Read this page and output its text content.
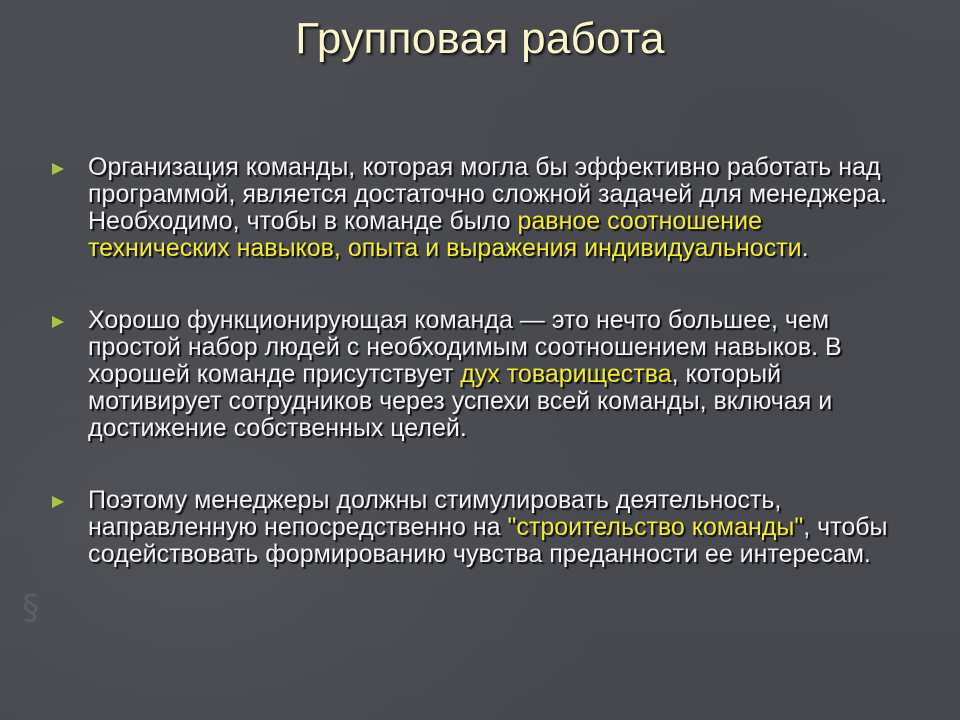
§
Групповая работа
Организация команды, которая могла бы эффективно работать над программой, является достаточно сложной задачей для менеджера. Необходимо, чтобы в команде было равное соотношение технических навыков, опыта и выражения индивидуальности.
Хорошо функционирующая команда — это нечто большее, чем простой набор людей с необходимым соотношением навыков. В хорошей команде присутствует дух товарищества, который мотивирует сотрудников через успехи всей команды, включая и достижение собственных целей.
Поэтому менеджеры должны стимулировать деятельность, направленную непосредственно на "строительство команды", чтобы содействовать формированию чувства преданности ее интересам.
